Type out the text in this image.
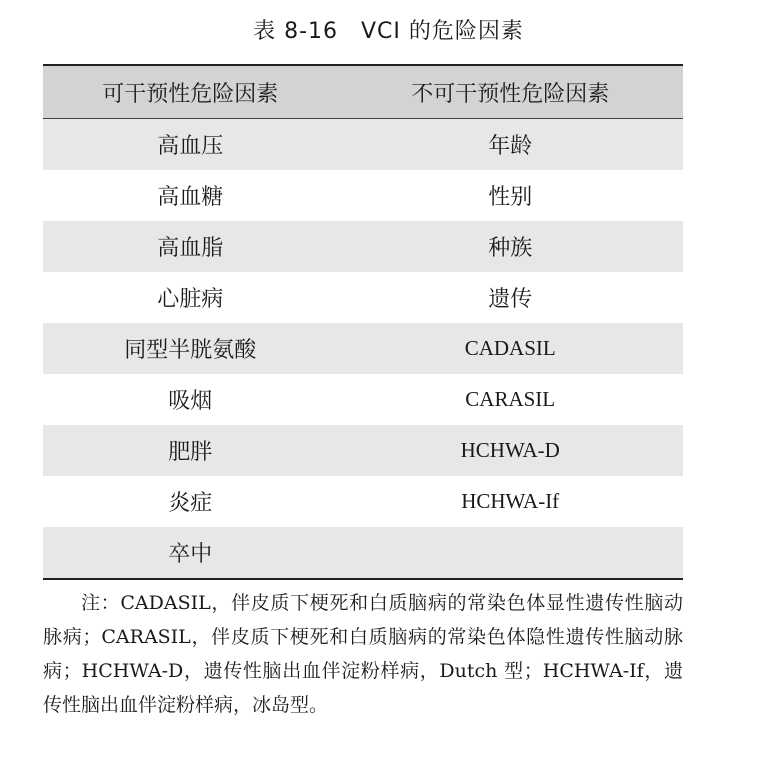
表 8-16　VCI 的危险因素
可干预性危险因素	不可干预性危险因素
高血压	年龄
高血糖	性别
高血脂	种族
心脏病	遗传
同型半胱氨酸	CADASIL
吸烟	CARASIL
肥胖	HCHWA-D
炎症	HCHWA-If
卒中	

注：CADASIL，伴皮质下梗死和白质脑病的常染色体显性遗传性脑动脉病；CARASIL，伴皮质下梗死和白质脑病的常染色体隐性遗传性脑动脉病；HCHWA-D，遗传性脑出血伴淀粉样病，Dutch 型；HCHWA-If，遗传性脑出血伴淀粉样病，冰岛型。
